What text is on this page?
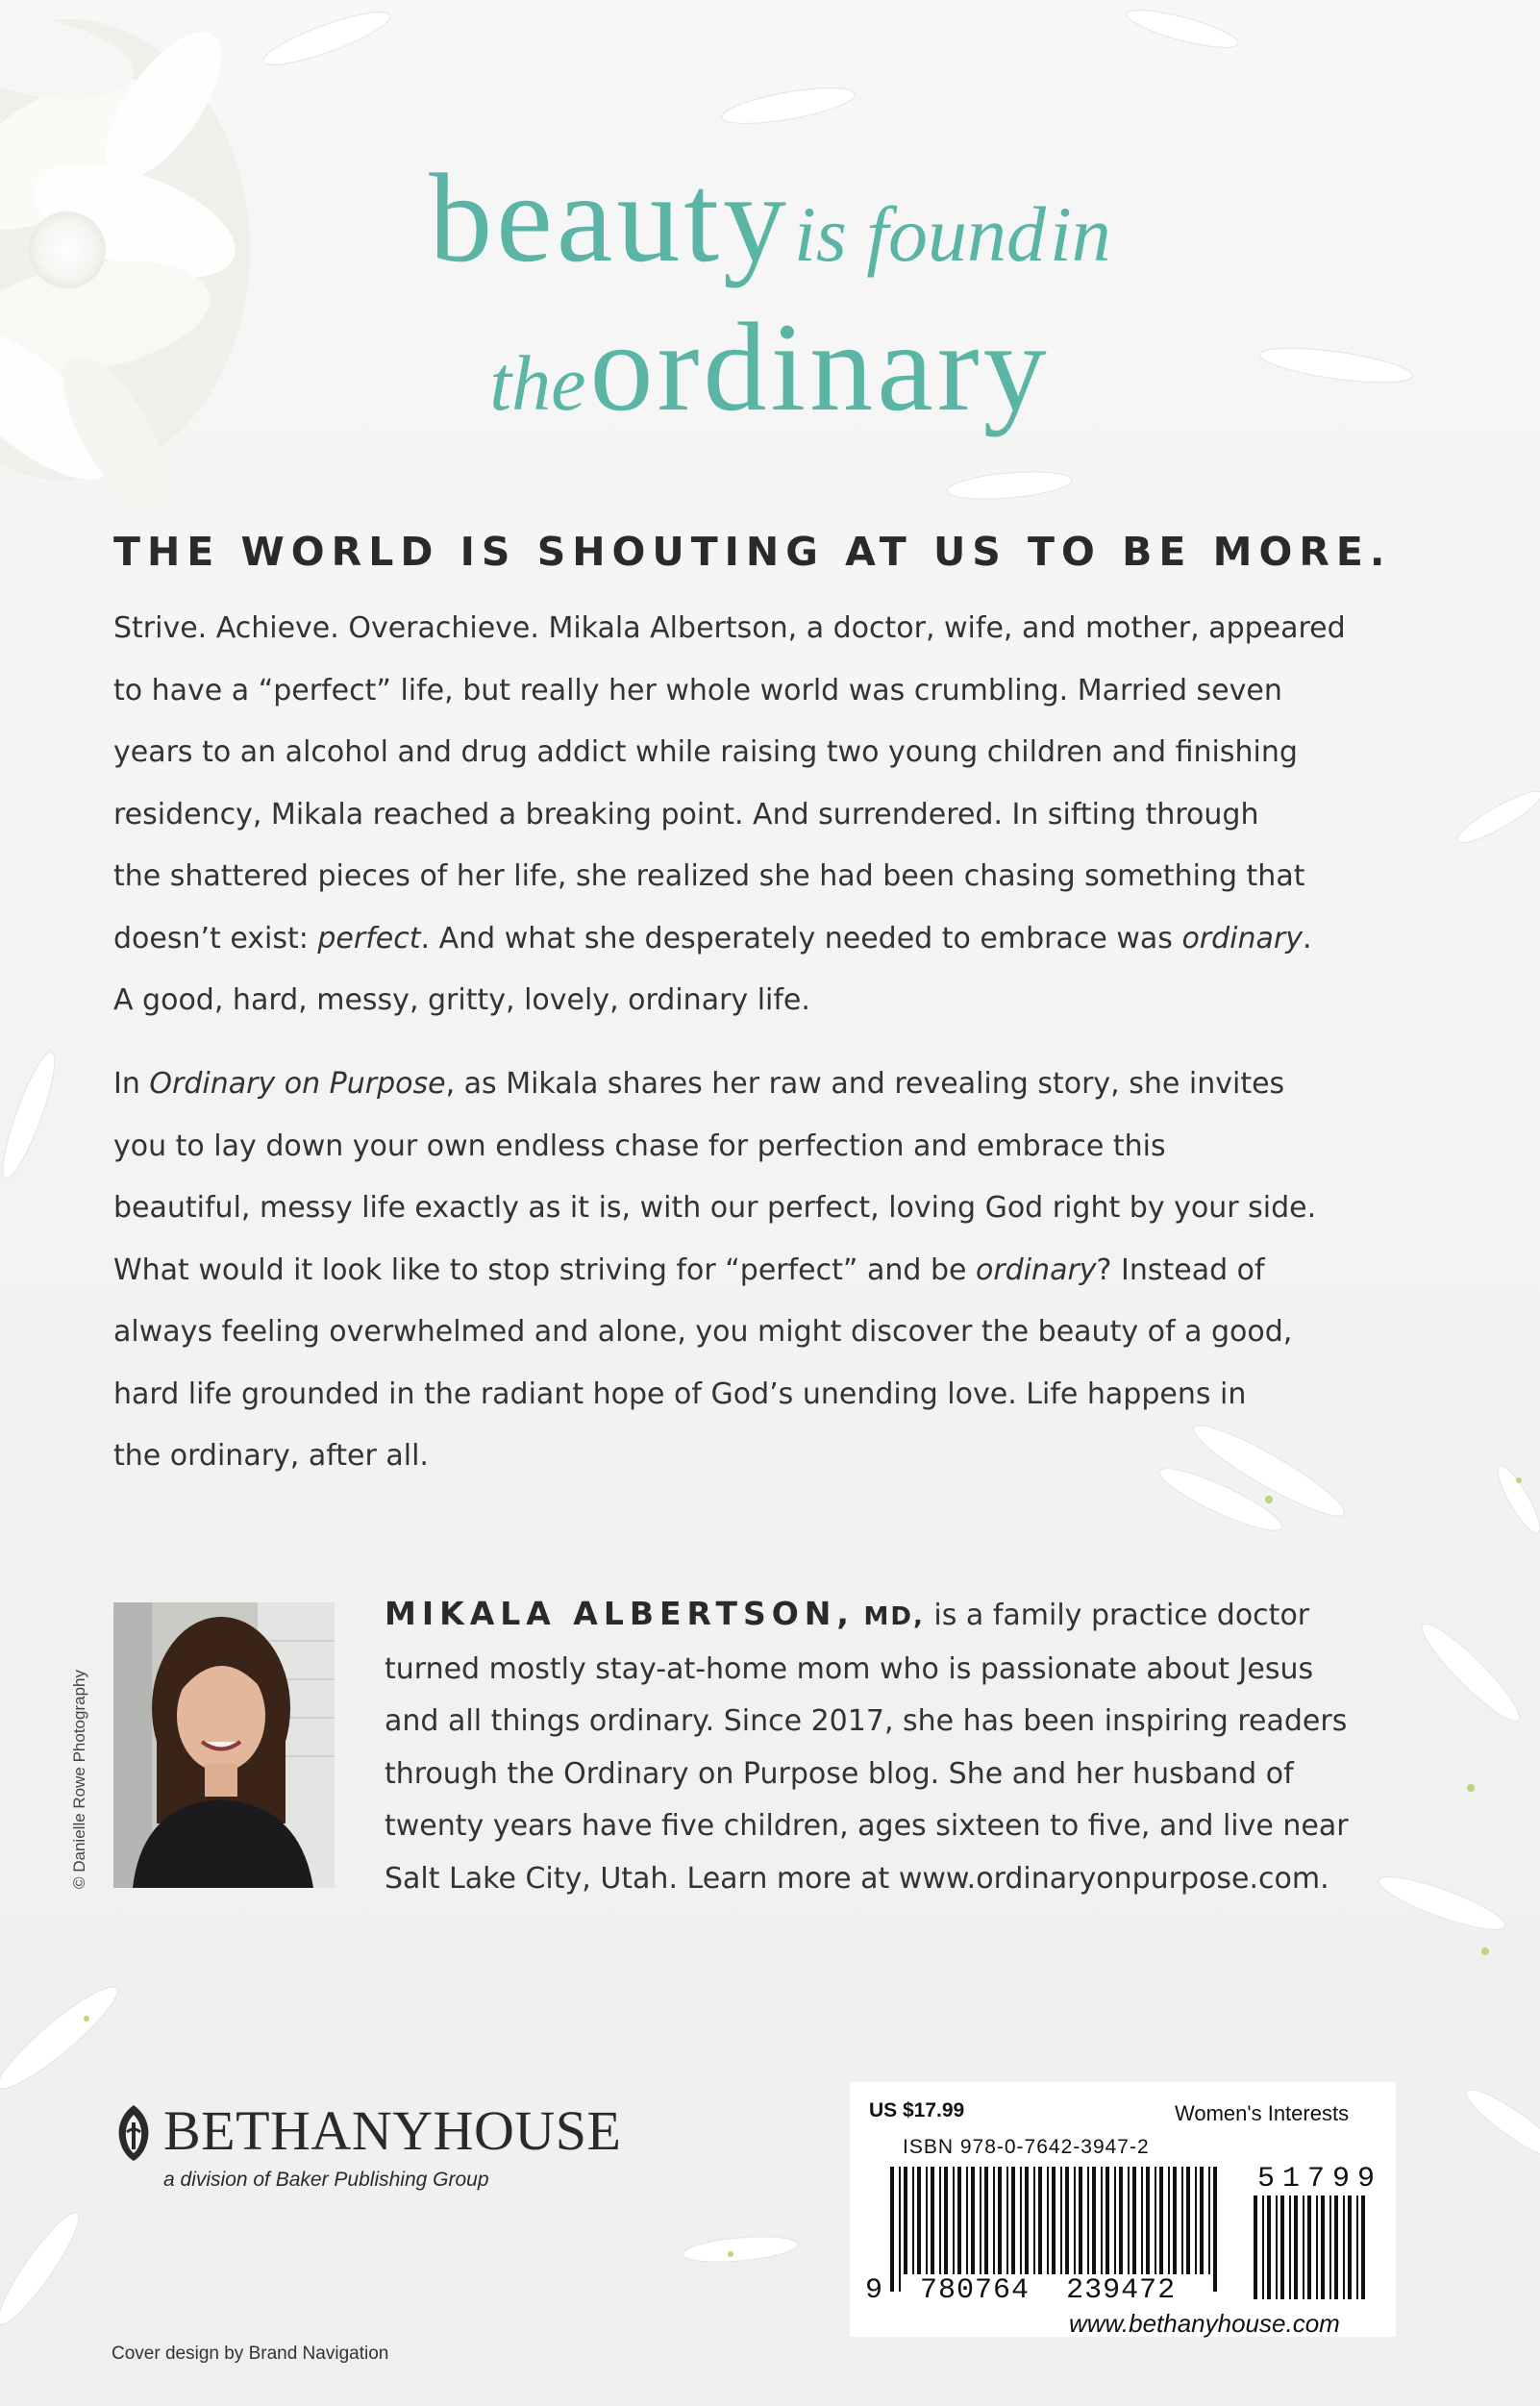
beauty is found in
the ordinary
THE WORLD IS SHOUTING AT US TO BE MORE.
Strive. Achieve. Overachieve. Mikala Albertson, a doctor, wife, and mother, appeared
to have a “perfect” life, but really her whole world was crumbling. Married seven
years to an alcohol and drug addict while raising two young children and finishing
residency, Mikala reached a breaking point. And surrendered. In sifting through
the shattered pieces of her life, she realized she had been chasing something that
doesn’t exist: perfect. And what she desperately needed to embrace was ordinary.
A good, hard, messy, gritty, lovely, ordinary life.
In Ordinary on Purpose, as Mikala shares her raw and revealing story, she invites
you to lay down your own endless chase for perfection and embrace this
beautiful, messy life exactly as it is, with our perfect, loving God right by your side.
What would it look like to stop striving for “perfect” and be ordinary? Instead of
always feeling overwhelmed and alone, you might discover the beauty of a good,
hard life grounded in the radiant hope of God’s unending love. Life happens in
the ordinary, after all.
© Danielle Rowe Photography
MIKALA ALBERTSON, MD, is a family practice doctor
turned mostly stay-at-home mom who is passionate about Jesus
and all things ordinary. Since 2017, she has been inspiring readers
through the Ordinary on Purpose blog. She and her husband of
twenty years have five children, ages sixteen to five, and live near
Salt Lake City, Utah. Learn more at www.ordinaryonpurpose.com.
BETHANYHOUSE
a division of Baker Publishing Group
Cover design by Brand Navigation
US $17.99	Women's Interests
ISBN 978-0-7642-3947-2
51799
9 780764 239472
www.bethanyhouse.com
